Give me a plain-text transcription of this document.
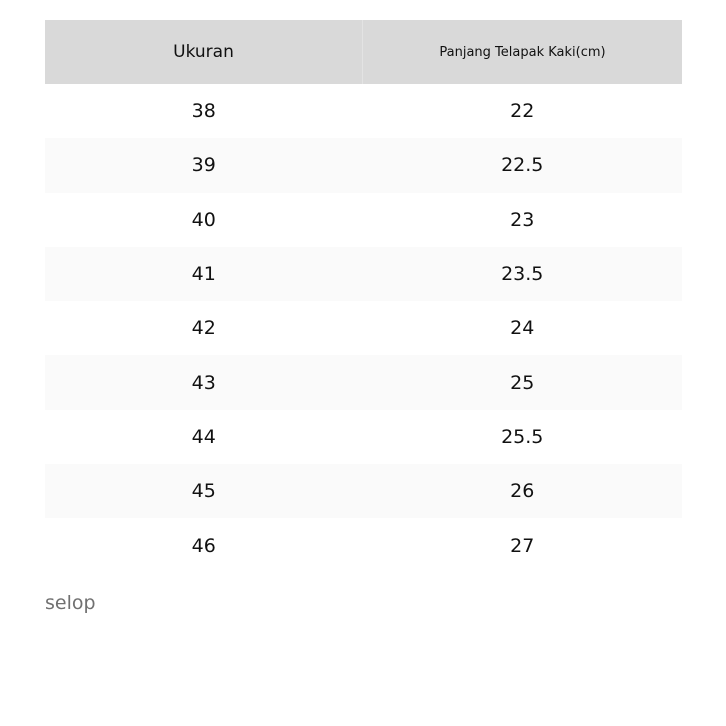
Ukuran	Panjang Telapak Kaki(cm)
38	22
39	22.5
40	23
41	23.5
42	24
43	25
44	25.5
45	26
46	27
selop
